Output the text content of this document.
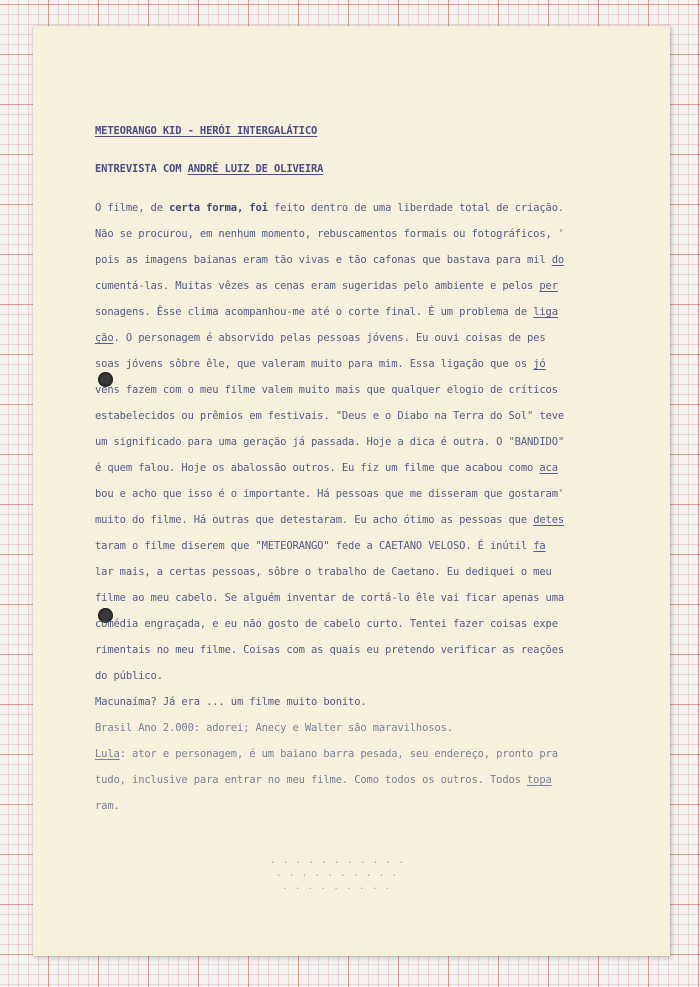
METEORANGO KID - HERÓI INTERGALÁTICO
ENTREVISTA COM ANDRÉ LUIZ DE OLIVEIRA
O filme, de certa forma, foi feito dentro de uma liberdade total de criação.
Não se procurou, em nenhum momento, rebuscamentos formais ou fotográficos, '
pois as imagens baianas eram tão vivas e tão cafonas que bastava para mil do
cumentá-las. Muitas vêzes as cenas eram sugeridas pelo ambiente e pelos per
sonagens. Êsse clima acompanhou-me até o corte final. É um problema de liga
ção. O personagem é absorvido pelas pessoas jóvens. Eu ouvi coisas de pes
soas jóvens sôbre êle, que valeram muito para mim. Essa ligação que os jó
vens fazem com o meu filme valem muito mais que qualquer elogio de críticos
estabelecidos ou prêmios em festivais. "Deus e o Diabo na Terra do Sol" teve
um significado para uma geração já passada. Hoje a dica é outra. O "BANDIDO"
é quem falou. Hoje os abalossão outros. Eu fiz um filme que acabou como aca
bou e acho que isso é o importante. Há pessoas que me disseram que gostaram'
muito do filme. Há outras que detestaram. Eu acho ótimo as pessoas que detes
taram o filme diserem que "METEORANGO" fede a CAETANO VELOSO. É inútil fa
lar mais, a certas pessoas, sôbre o trabalho de Caetano. Eu dediquei o meu
filme ao meu cabelo. Se alguém inventar de cortá-lo êle vai ficar apenas uma
comédia engraçada, e eu não gosto de cabelo curto. Tentei fazer coisas expe
rimentais no meu filme. Coisas com as quais eu pretendo verificar as reações
do público.
Macunaíma? Já era ... um filme muito bonito.
Brasil Ano 2.000: adorei; Anecy e Walter são maravilhosos.
Lula: ator e personagem, é um baiano barra pesada, seu endereço, pronto pra
tudo, inclusive para entrar no meu filme. Como todos os outros. Todos topa
ram.
. . . . . . . . . . .
. . . . . . . . . .
. . . . . . . . .
